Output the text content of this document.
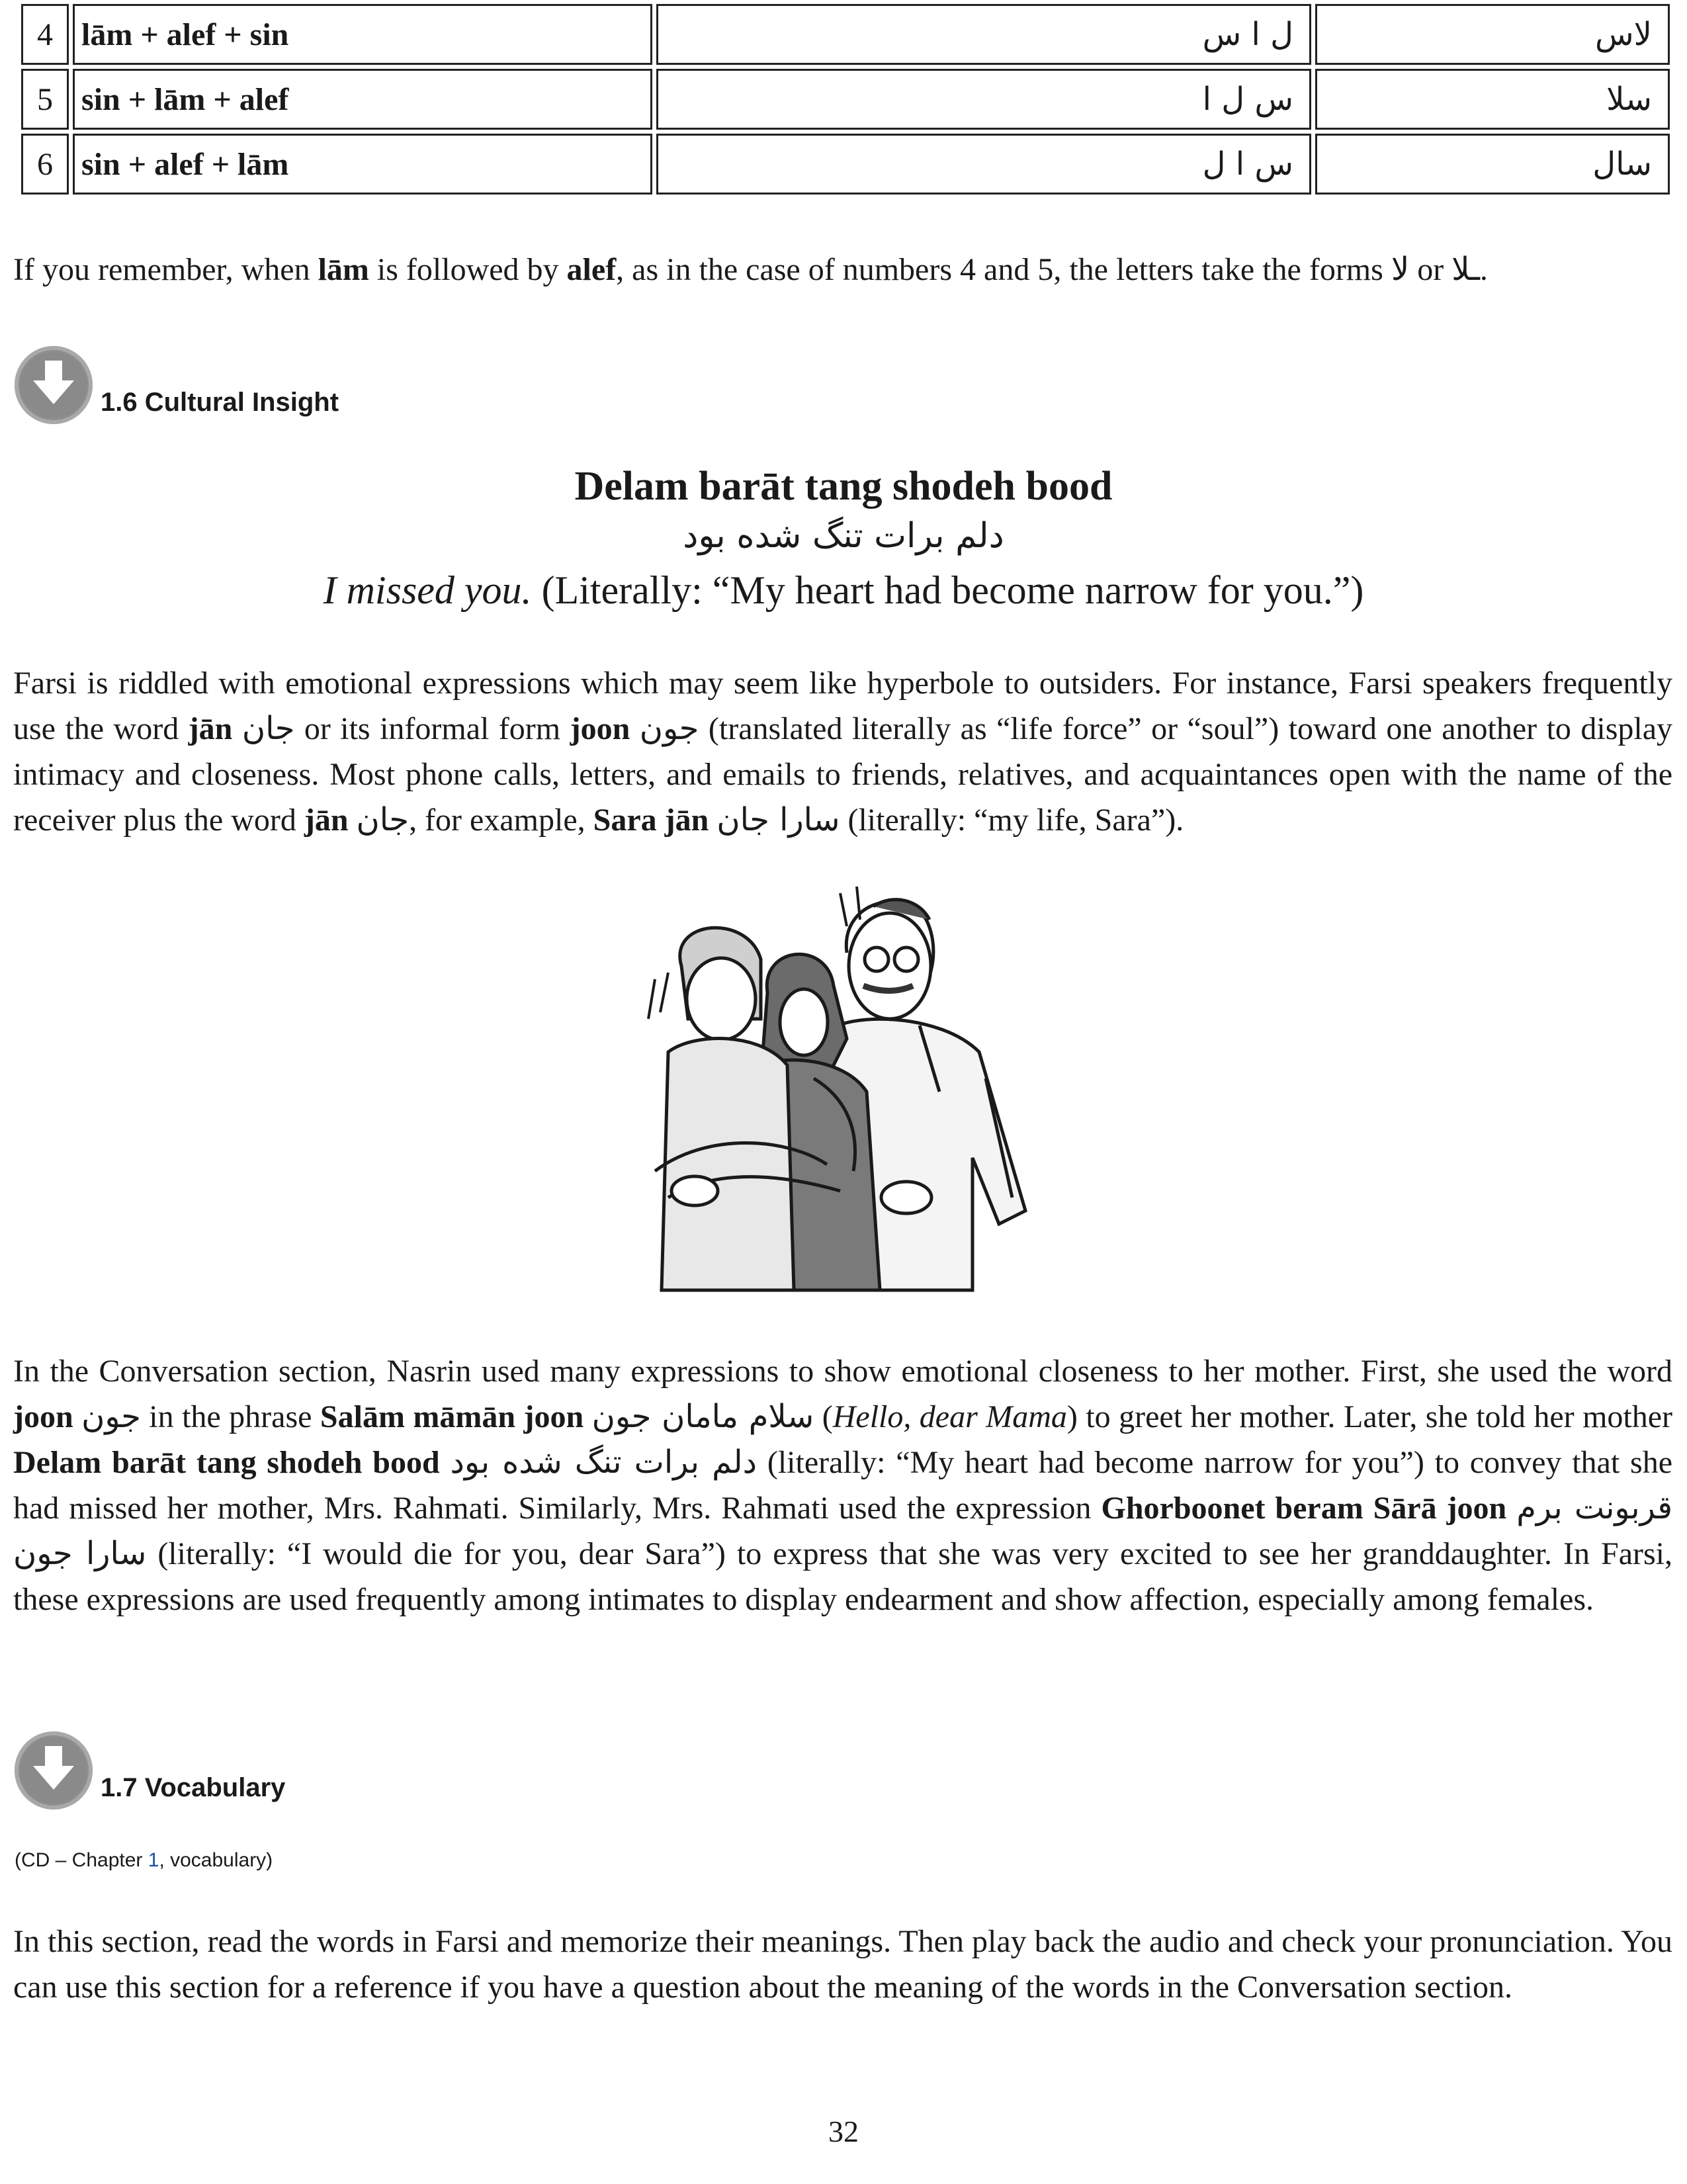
4	lām + alef + sin	ل ا س	لاس
5	sin + lām + alef	س ل ا	سلا
6	sin + alef + lām	س ا ل	سال
If you remember, when lām is followed by alef, as in the case of numbers 4 and 5, the letters take the forms لا or ـلا.
1.6 Cultural Insight
Delam barāt tang shodeh bood
دلم برات تنگ شده بود
I missed you. (Literally: “My heart had become narrow for you.”)
Farsi is riddled with emotional expressions which may seem like hyperbole to outsiders. For instance, Farsi speakers frequently use the word jān جان or its informal form joon جون (translated literally as “life force” or “soul”) toward one another to display intimacy and closeness. Most phone calls, letters, and emails to friends, relatives, and acquaintances open with the name of the receiver plus the word jān جان, for example, Sara jān سارا جان (literally: “my life, Sara”).
In the Conversation section, Nasrin used many expressions to show emotional closeness to her mother. First, she used the word joon جون in the phrase Salām māmān joon سلام مامان جون (Hello, dear Mama) to greet her mother. Later, she told her mother Delam barāt tang shodeh bood دلم برات تنگ شده بود (literally: “My heart had become narrow for you”) to convey that she had missed her mother, Mrs. Rahmati. Similarly, Mrs. Rahmati used the expression Ghorboonet beram Sārā joon قربونت برم سارا جون (literally: “I would die for you, dear Sara”) to express that she was very excited to see her granddaughter. In Farsi, these expressions are used frequently among intimates to display endearment and show affection, especially among females.
1.7 Vocabulary
(CD – Chapter 1, vocabulary)
In this section, read the words in Farsi and memorize their meanings. Then play back the audio and check your pronunciation. You can use this section for a reference if you have a question about the meaning of the words in the Conversation section.
32
